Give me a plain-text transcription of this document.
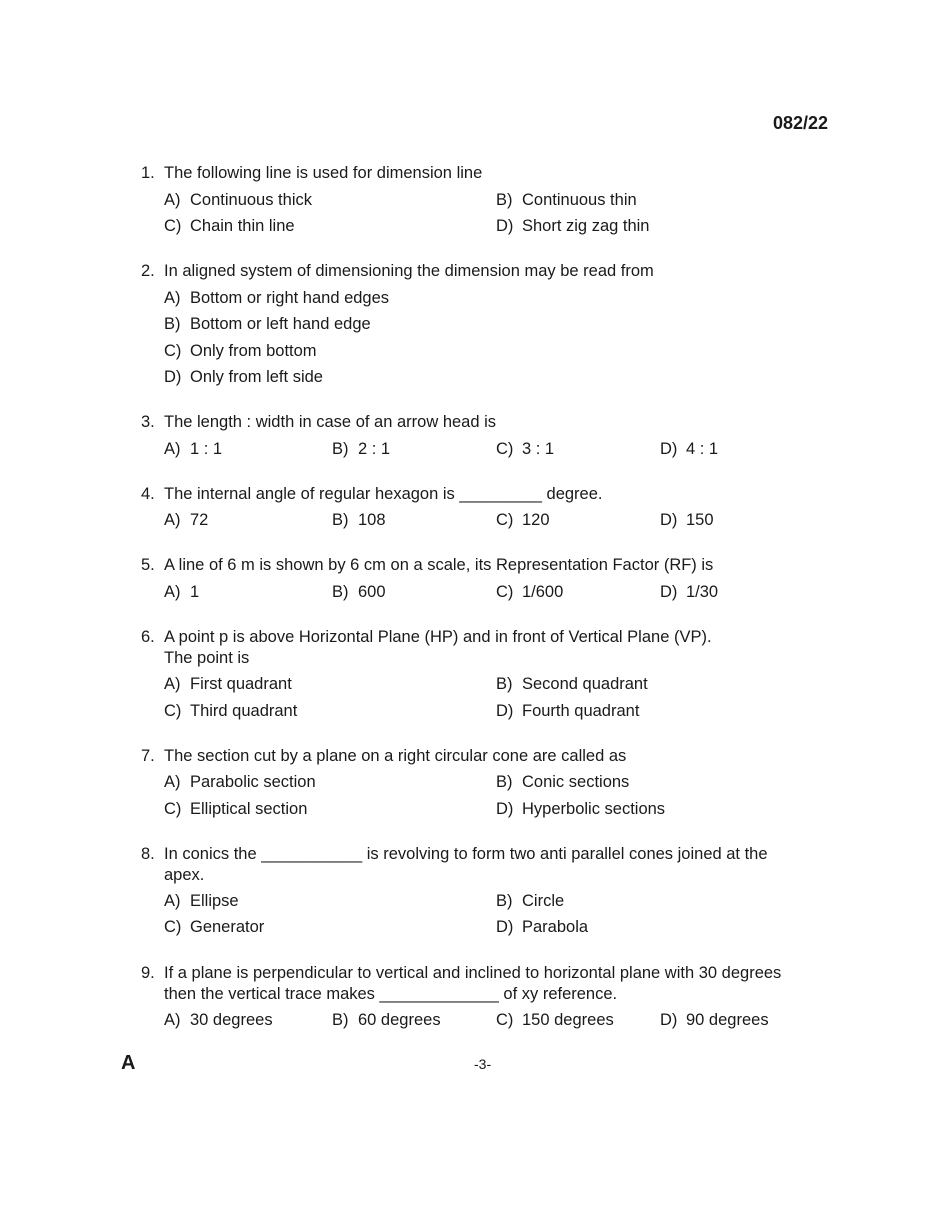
082/22
1. The following line is used for dimension line
A) Continuous thick	B) Continuous thin
C) Chain thin line	D) Short zig zag thin
2. In aligned system of dimensioning the dimension may be read from
A) Bottom or right hand edges
B) Bottom or left hand edge
C) Only from bottom
D) Only from left side
3. The length : width in case of an arrow head is
A) 1 : 1	B) 2 : 1	C) 3 : 1	D) 4 : 1
4. The internal angle of regular hexagon is _________ degree.
A) 72	B) 108	C) 120	D) 150
5. A line of 6 m is shown by 6 cm on a scale, its Representation Factor (RF) is
A) 1	B) 600	C) 1/600	D) 1/30
6. A point p is above Horizontal Plane (HP) and in front of Vertical Plane (VP).
The point is
A) First quadrant	B) Second quadrant
C) Third quadrant	D) Fourth quadrant
7. The section cut by a plane on a right circular cone are called as
A) Parabolic section	B) Conic sections
C) Elliptical section	D) Hyperbolic sections
8. In conics the ___________ is revolving to form two anti parallel cones joined at the
apex.
A) Ellipse	B) Circle
C) Generator	D) Parabola
9. If a plane is perpendicular to vertical and inclined to horizontal plane with 30 degrees
then the vertical trace makes _____________ of xy reference.
A) 30 degrees	B) 60 degrees	C) 150 degrees	D) 90 degrees
A	-3-
